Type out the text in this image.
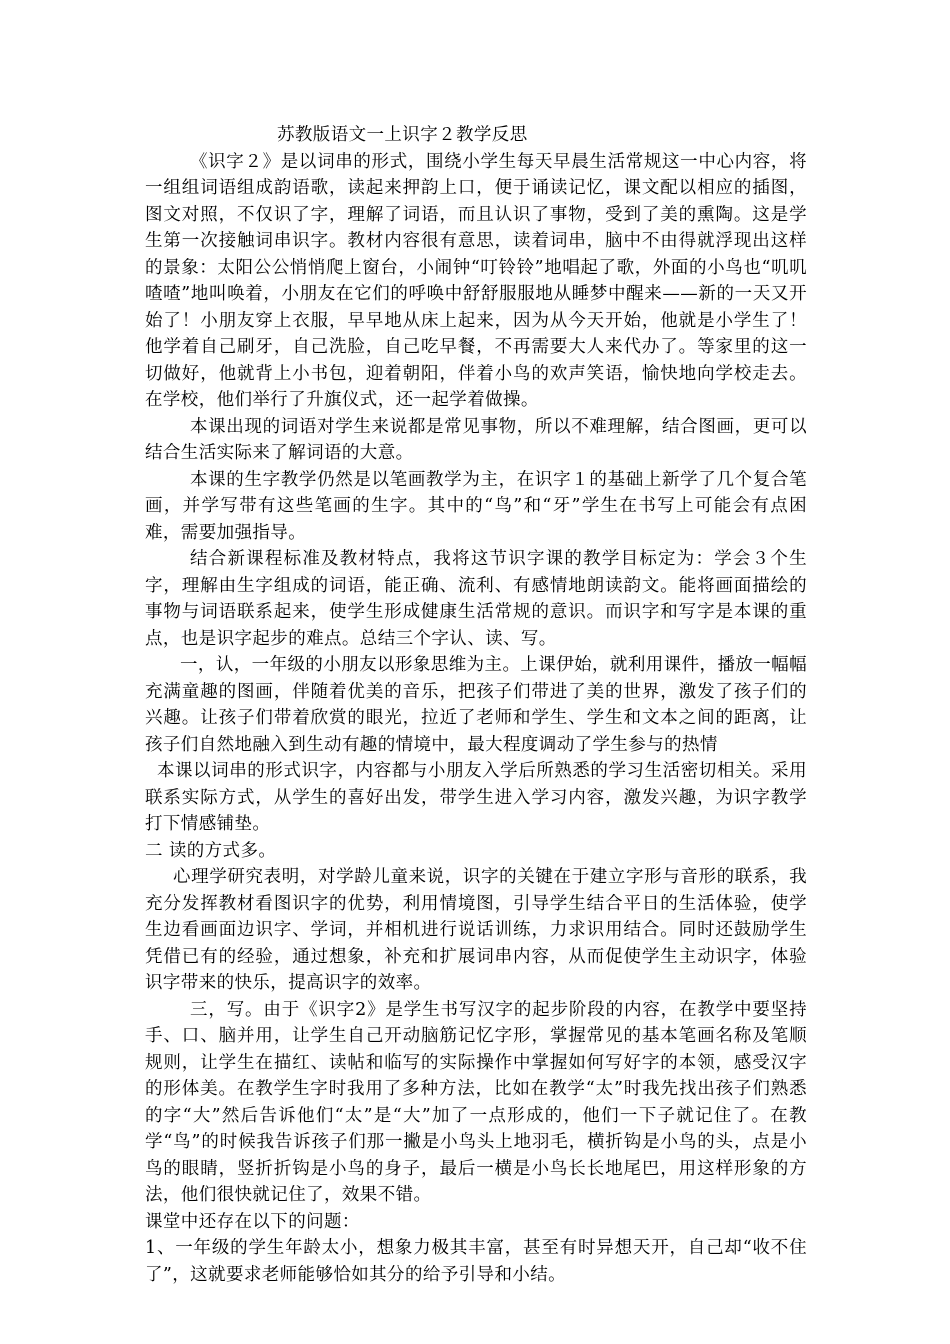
苏教版语文一上识字２教学反思

《识字２》是以词串的形式，围绕小学生每天早晨生活常规这一中心内容，将一组组词语组成韵语歌，读起来押韵上口，便于诵读记忆，课文配以相应的插图，图文对照，不仅识了字，理解了词语，而且认识了事物，受到了美的熏陶。这是学生第一次接触词串识字。教材内容很有意思，读着词串，脑中不由得就浮现出这样的景象：太阳公公悄悄爬上窗台，小闹钟“叮铃铃”地唱起了歌，外面的小鸟也“叽叽喳喳”地叫唤着，小朋友在它们的呼唤中舒舒服服地从睡梦中醒来——新的一天又开始了！小朋友穿上衣服，早早地从床上起来，因为从今天开始，他就是小学生了！他学着自己刷牙，自己洗脸，自己吃早餐，不再需要大人来代办了。等家里的这一切做好，他就背上小书包，迎着朝阳，伴着小鸟的欢声笑语，愉快地向学校走去。在学校，他们举行了升旗仪式，还一起学着做操。

本课出现的词语对学生来说都是常见事物，所以不难理解，结合图画，更可以结合生活实际来了解词语的大意。

本课的生字教学仍然是以笔画教学为主，在识字１的基础上新学了几个复合笔画，并学写带有这些笔画的生字。其中的“鸟”和“牙”学生在书写上可能会有点困难，需要加强指导。

结合新课程标准及教材特点，我将这节识字课的教学目标定为：学会３个生字，理解由生字组成的词语，能正确、流利、有感情地朗读韵文。能将画面描绘的事物与词语联系起来，使学生形成健康生活常规的意识。而识字和写字是本课的重点，也是识字起步的难点。总结三个字认、读、写。

一，认，一年级的小朋友以形象思维为主。上课伊始，就利用课件，播放一幅幅充满童趣的图画，伴随着优美的音乐，把孩子们带进了美的世界，激发了孩子们的兴趣。让孩子们带着欣赏的眼光，拉近了老师和学生、学生和文本之间的距离，让孩子们自然地融入到生动有趣的情境中，最大程度调动了学生参与的热情

本课以词串的形式识字，内容都与小朋友入学后所熟悉的学习生活密切相关。采用联系实际方式，从学生的喜好出发，带学生进入学习内容，激发兴趣，为识字教学打下情感铺垫。

二 读的方式多。

心理学研究表明，对学龄儿童来说，识字的关键在于建立字形与音形的联系，我充分发挥教材看图识字的优势，利用情境图，引导学生结合平日的生活体验，使学生边看画面边识字、学词，并相机进行说话训练，力求识用结合。同时还鼓励学生凭借已有的经验，通过想象，补充和扩展词串内容，从而促使学生主动识字，体验识字带来的快乐，提高识字的效率。

三，写。由于《识字2》是学生书写汉字的起步阶段的内容，在教学中要坚持手、口、脑并用，让学生自己开动脑筋记忆字形，掌握常见的基本笔画名称及笔顺规则，让学生在描红、读帖和临写的实际操作中掌握如何写好字的本领，感受汉字的形体美。在教学生字时我用了多种方法，比如在教学“太”时我先找出孩子们熟悉的字“大”然后告诉他们“太”是“大”加了一点形成的，他们一下子就记住了。在教学“鸟”的时候我告诉孩子们那一撇是小鸟头上地羽毛，横折钩是小鸟的头，点是小鸟的眼睛，竖折折钩是小鸟的身子，最后一横是小鸟长长地尾巴，用这样形象的方法，他们很快就记住了，效果不错。

课堂中还存在以下的问题：

1、一年级的学生年龄太小，想象力极其丰富，甚至有时异想天开，自己却“收不住了”，这就要求老师能够恰如其分的给予引导和小结。
